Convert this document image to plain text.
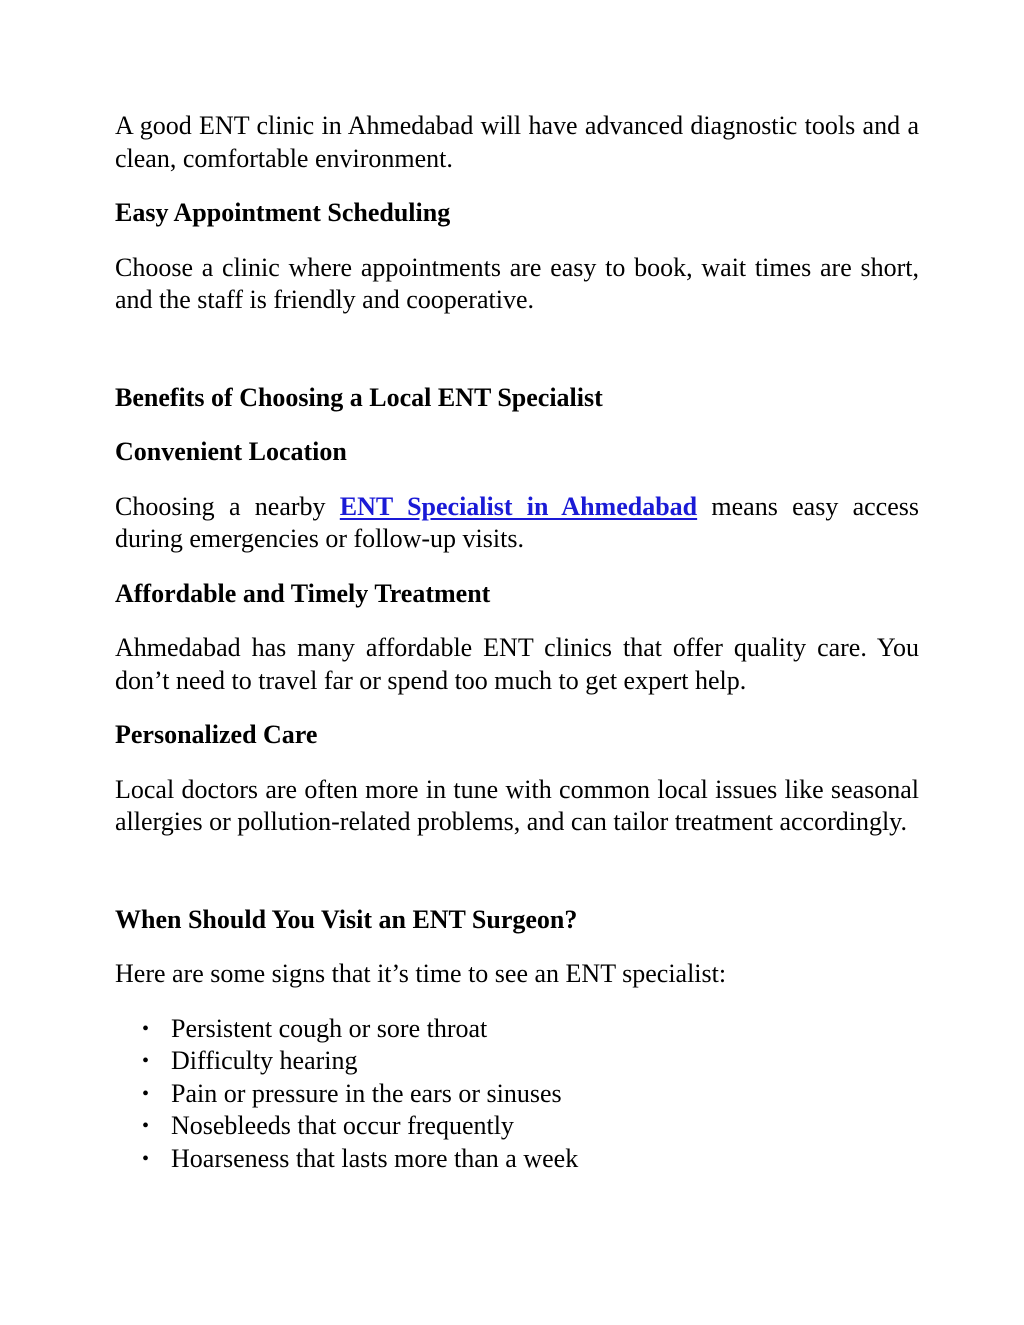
A good ENT clinic in Ahmedabad will have advanced diagnostic tools and a clean, comfortable environment.

Easy Appointment Scheduling

Choose a clinic where appointments are easy to book, wait times are short, and the staff is friendly and cooperative.

Benefits of Choosing a Local ENT Specialist
Convenient Location

Choosing a nearby ENT Specialist in Ahmedabad means easy access during emergencies or follow-up visits.

Affordable and Timely Treatment

Ahmedabad has many affordable ENT clinics that offer quality care. You don’t need to travel far or spend too much to get expert help.

Personalized Care

Local doctors are often more in tune with common local issues like seasonal allergies or pollution-related problems, and can tailor treatment accordingly.

When Should You Visit an ENT Surgeon?

Here are some signs that it’s time to see an ENT specialist:

• Persistent cough or sore throat
• Difficulty hearing
• Pain or pressure in the ears or sinuses
• Nosebleeds that occur frequently
• Hoarseness that lasts more than a week
